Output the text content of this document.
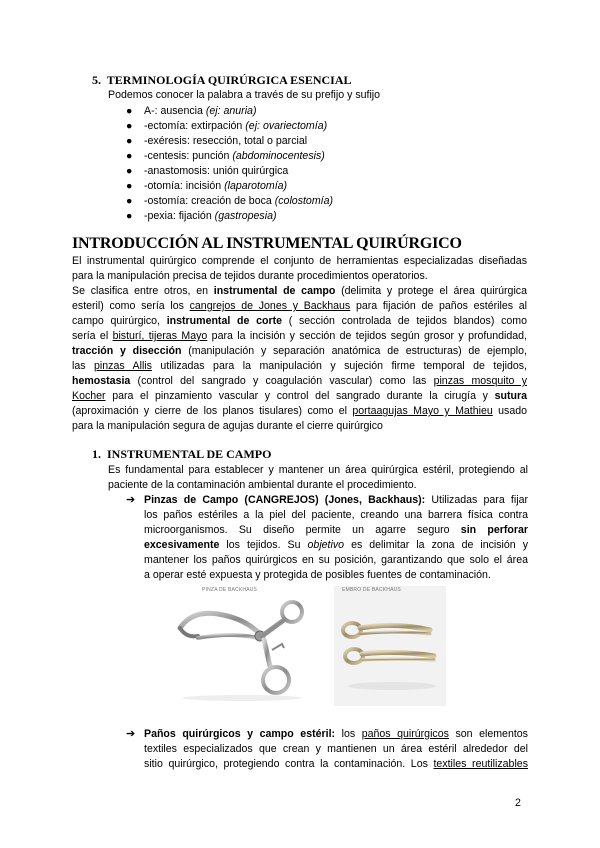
5. TERMINOLOGÍA QUIRÚRGICA ESENCIAL
Podemos conocer la palabra a través de su prefijo y sufijo
● A-: ausencia (ej: anuria)
● -ectomía: extirpación (ej: ovariectomía)
● -exéresis: resección, total o parcial
● -centesis: punción (abdominocentesis)
● -anastomosis: unión quirúrgica
● -otomía: incisión (laparotomía)
● -ostomía: creación de boca (colostomía)
● -pexia: fijación (gastropesia)
INTRODUCCIÓN AL INSTRUMENTAL QUIRÚRGICO
El instrumental quirúrgico comprende el conjunto de herramientas especializadas diseñadas
para la manipulación precisa de tejidos durante procedimientos operatorios.
Se clasifica entre otros, en instrumental de campo (delimita y protege el área quirúrgica
esteril) como sería los cangrejos de Jones y Backhaus para fijación de paños estériles al
campo quirúrgico, instrumental de corte ( sección controlada de tejidos blandos) como
sería el bisturí, tijeras Mayo para la incisión y sección de tejidos según grosor y profundidad,
tracción y disección (manipulación y separación anatómica de estructuras) de ejemplo,
las pinzas Allis utilizadas para la manipulación y sujeción firme temporal de tejidos,
hemostasia (control del sangrado y coagulación vascular) como las pinzas mosquito y
Kocher para el pinzamiento vascular y control del sangrado durante la cirugía y sutura
(aproximación y cierre de los planos tisulares) como el portaagujas Mayo y Mathieu usado
para la manipulación segura de agujas durante el cierre quirúrgico
1. INSTRUMENTAL DE CAMPO
Es fundamental para establecer y mantener un área quirúrgica estéril, protegiendo al
paciente de la contaminación ambiental durante el procedimiento.
➔ Pinzas de Campo (CANGREJOS) (Jones, Backhaus): Utilizadas para fijar
los paños estériles a la piel del paciente, creando una barrera física contra
microorganismos. Su diseño permite un agarre seguro sin perforar
excesivamente los tejidos. Su objetivo es delimitar la zona de incisión y
mantener los paños quirúrgicos en su posición, garantizando que solo el área
a operar esté expuesta y protegida de posibles fuentes de contaminación.
PINZA DE BACKHAUS	EMBRO DE BACKHAUS
➔ Paños quirúrgicos y campo estéril: los paños quirúrgicos son elementos
textiles especializados que crean y mantienen un área estéril alrededor del
sitio quirúrgico, protegiendo contra la contaminación. Los textiles reutilizables
2
